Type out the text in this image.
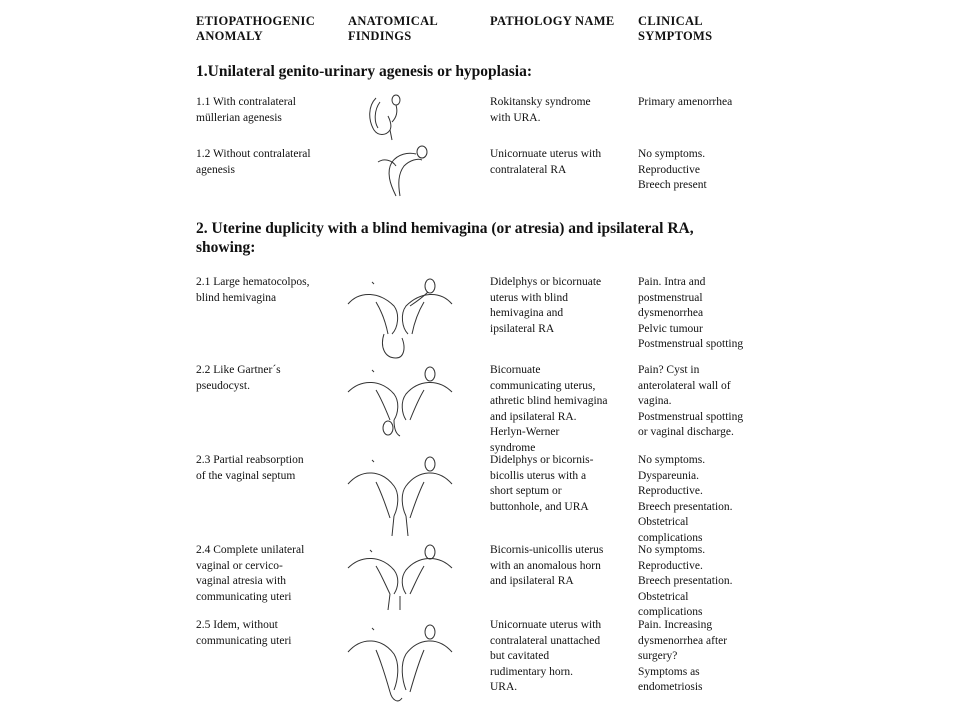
ETIOPATHOGENIC
ANOMALY
ANATOMICAL
FINDINGS
PATHOLOGY NAME CLINICAL
SYMPTOMS
1.Unilateral genito-urinary agenesis or hypoplasia:
1.1 With contralateral
müllerian agenesis
Rokitansky syndrome
with URA.
Primary amenorrhea
1.2 Without contralateral
agenesis
Unicornuate uterus with
contralateral RA
No symptoms.
Reproductive
Breech present
2. Uterine duplicity with a blind hemivagina (or atresia) and ipsilateral RA,
showing:
2.1 Large hematocolpos,
blind hemivagina
Didelphys or bicornuate
uterus with blind
hemivagina and
ipsilateral RA
Pain. Intra and
postmenstrual
dysmenorrhea
Pelvic tumour
Postmenstrual spotting
2.2 Like Gartner´s
pseudocyst.
Bicornuate
communicating uterus,
athretic blind hemivagina
and ipsilateral RA.
Herlyn-Werner
syndrome
Pain? Cyst in
anterolateral wall of
vagina.
Postmenstrual spotting
or vaginal discharge.
2.3 Partial reabsorption
of the vaginal septum
Didelphys or bicornis-
bicollis uterus with a
short septum or
buttonhole, and URA
No symptoms.
Dyspareunia.
Reproductive.
Breech presentation.
Obstetrical
complications
2.4 Complete unilateral
vaginal or cervico-
vaginal atresia with
communicating uteri
Bicornis-unicollis uterus
with an anomalous horn
and ipsilateral RA
No symptoms.
Reproductive.
Breech presentation.
Obstetrical
complications
2.5 Idem, without
communicating uteri
Unicornuate uterus with
contralateral unattached
but cavitated
rudimentary horn.
URA.
Pain. Increasing
dysmenorrhea after
surgery?
Symptoms as
endometriosis
